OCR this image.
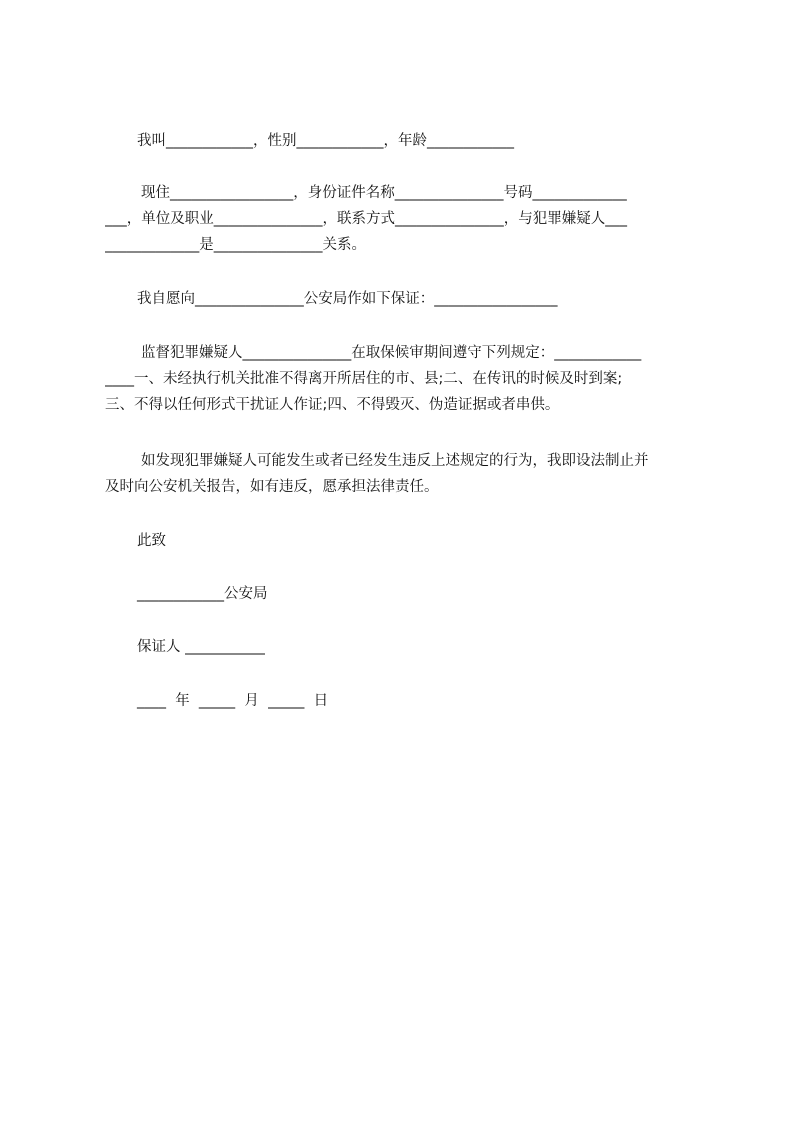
我叫____________，性别____________，年龄____________
现住_________________，身份证件名称_______________号码_____________
___，单位及职业_______________，联系方式_______________，与犯罪嫌疑人___
_____________是_______________关系。
我自愿向_______________公安局作如下保证：_________________
监督犯罪嫌疑人_______________在取保候审期间遵守下列规定：____________
____一、未经执行机关批准不得离开所居住的市、县;二、在传讯的时候及时到案;
三、不得以任何形式干扰证人作证;四、不得毁灭、伪造证据或者串供。
如发现犯罪嫌疑人可能发生或者已经发生违反上述规定的行为，我即设法制止并
及时向公安机关报告，如有违反，愿承担法律责任。
此致
____________公安局
保证人 ___________
____  年  _____  月  _____  日
